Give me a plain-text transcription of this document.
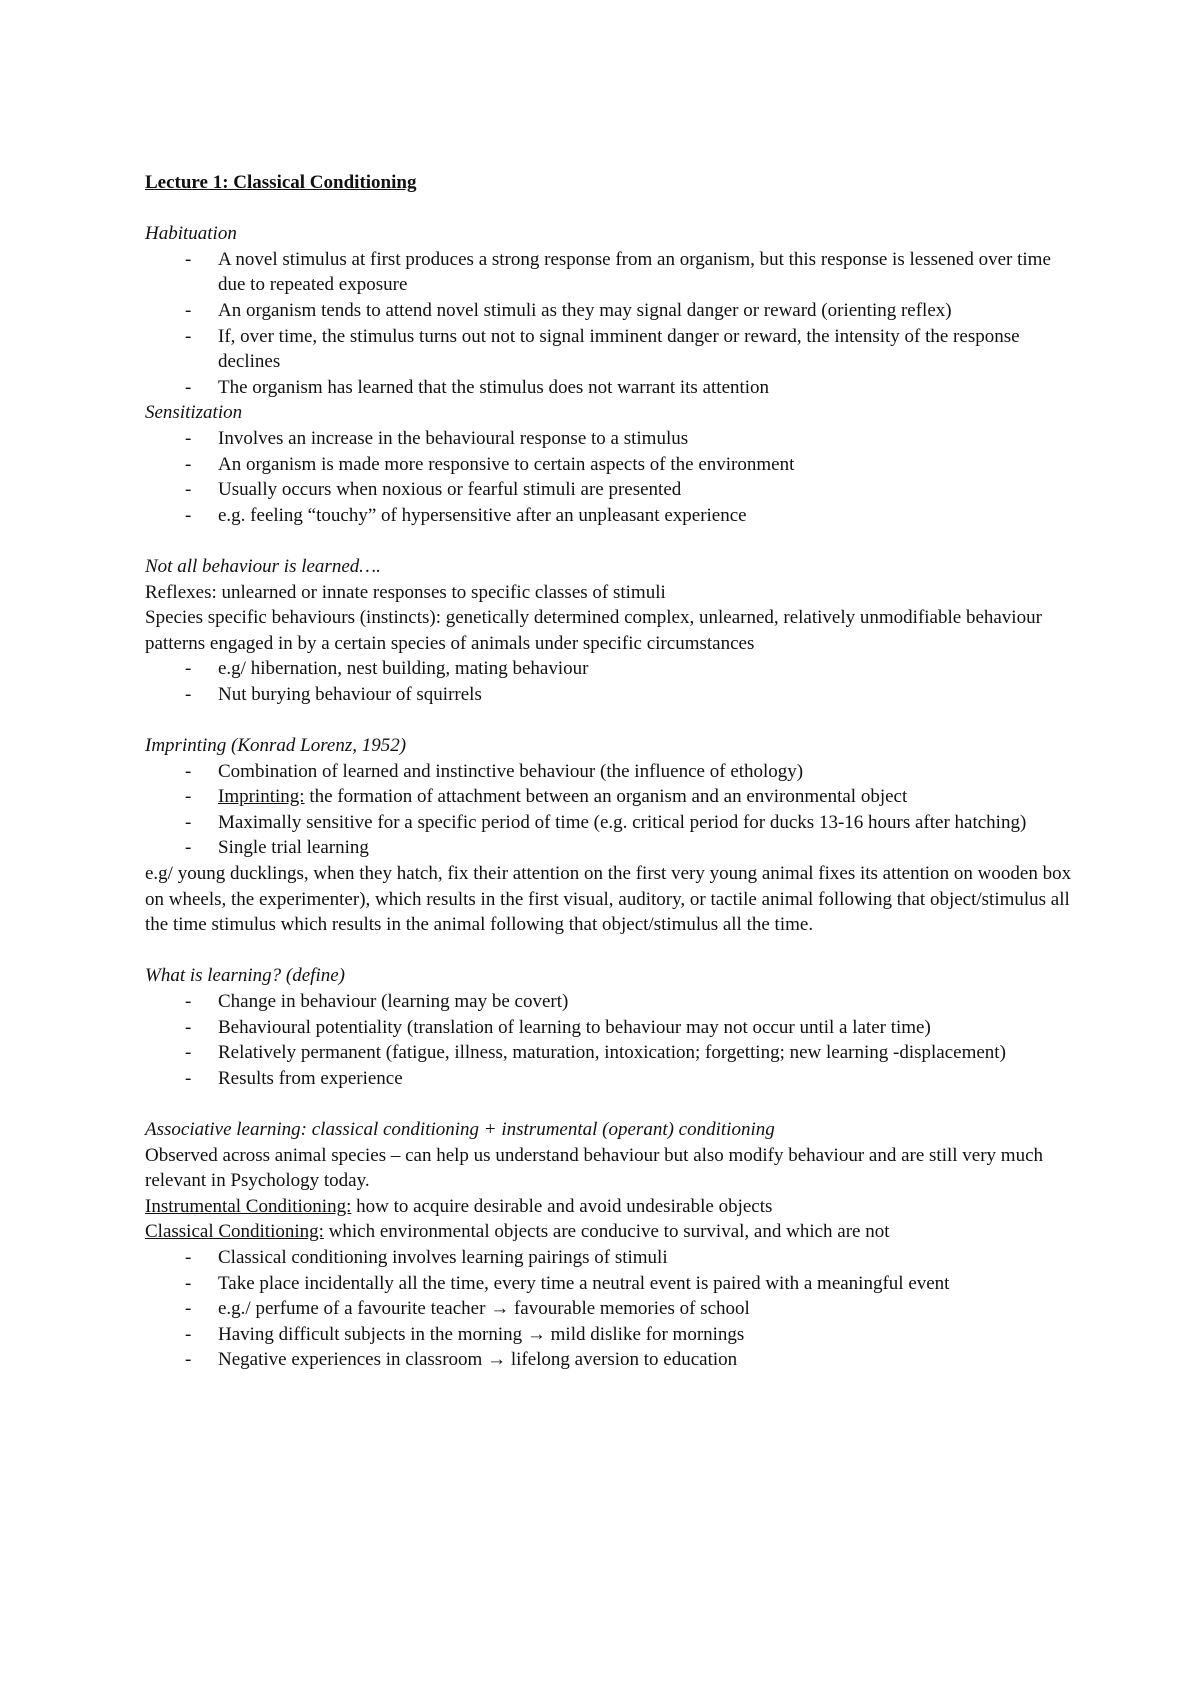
Lecture 1: Classical Conditioning
Habituation
- A novel stimulus at first produces a strong response from an organism, but this response is lessened over time due to repeated exposure
- An organism tends to attend novel stimuli as they may signal danger or reward (orienting reflex)
- If, over time, the stimulus turns out not to signal imminent danger or reward, the intensity of the response declines
- The organism has learned that the stimulus does not warrant its attention
Sensitization
- Involves an increase in the behavioural response to a stimulus
- An organism is made more responsive to certain aspects of the environment
- Usually occurs when noxious or fearful stimuli are presented
- e.g. feeling “touchy” of hypersensitive after an unpleasant experience
Not all behaviour is learned….
Reflexes: unlearned or innate responses to specific classes of stimuli
Species specific behaviours (instincts): genetically determined complex, unlearned, relatively unmodifiable behaviour patterns engaged in by a certain species of animals under specific circumstances
- e.g/ hibernation, nest building, mating behaviour
- Nut burying behaviour of squirrels
Imprinting (Konrad Lorenz, 1952)
- Combination of learned and instinctive behaviour (the influence of ethology)
- Imprinting: the formation of attachment between an organism and an environmental object
- Maximally sensitive for a specific period of time (e.g. critical period for ducks 13-16 hours after hatching)
- Single trial learning
e.g/ young ducklings, when they hatch, fix their attention on the first very young animal fixes its attention on wooden box on wheels, the experimenter), which results in the first visual, auditory, or tactile animal following that object/stimulus all the time stimulus which results in the animal following that object/stimulus all the time.
What is learning? (define)
- Change in behaviour (learning may be covert)
- Behavioural potentiality (translation of learning to behaviour may not occur until a later time)
- Relatively permanent (fatigue, illness, maturation, intoxication; forgetting; new learning -displacement)
- Results from experience
Associative learning: classical conditioning + instrumental (operant) conditioning
Observed across animal species – can help us understand behaviour but also modify behaviour and are still very much relevant in Psychology today.
Instrumental Conditioning: how to acquire desirable and avoid undesirable objects
Classical Conditioning: which environmental objects are conducive to survival, and which are not
- Classical conditioning involves learning pairings of stimuli
- Take place incidentally all the time, every time a neutral event is paired with a meaningful event
- e.g./ perfume of a favourite teacher → favourable memories of school
- Having difficult subjects in the morning → mild dislike for mornings
- Negative experiences in classroom → lifelong aversion to education
